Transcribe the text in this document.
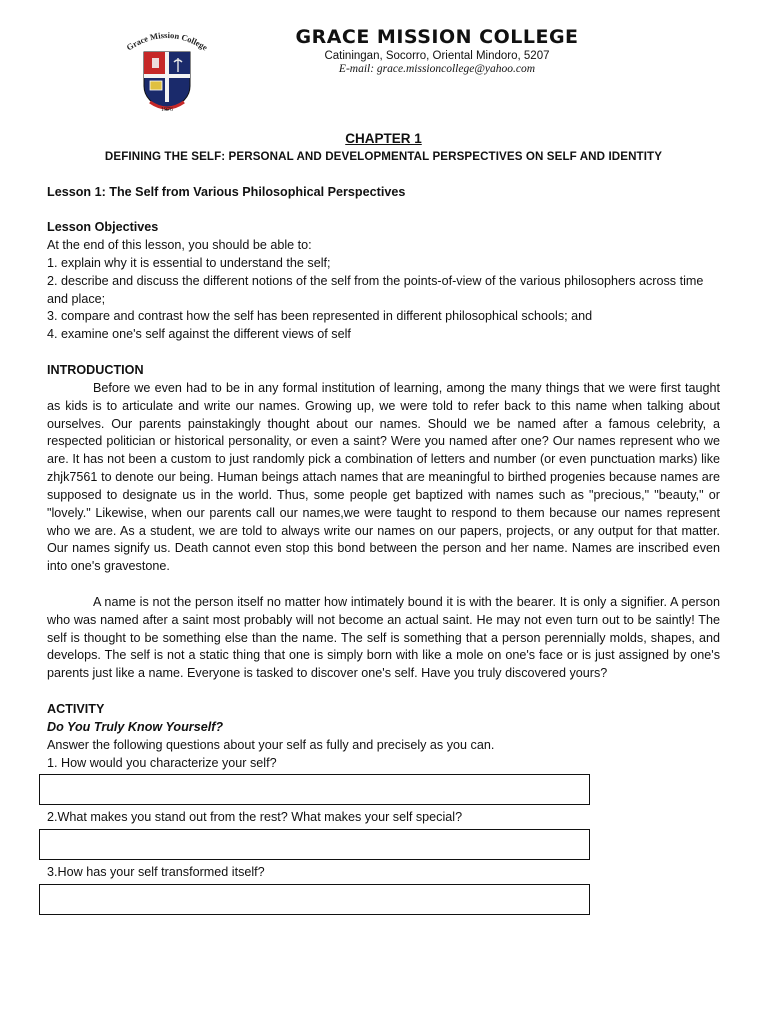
Grace Mission College
1976
GRACE MISSION COLLEGE
Catiningan, Socorro, Oriental Mindoro, 5207
E-mail: grace.missioncollege@yahoo.com
CHAPTER 1
DEFINING THE SELF: PERSONAL AND DEVELOPMENTAL PERSPECTIVES ON SELF AND IDENTITY
Lesson 1: The Self from Various Philosophical Perspectives
Lesson Objectives
At the end of this lesson, you should be able to:
1. explain why it is essential to understand the self;
2. describe and discuss the different notions of the self from the points-of-view of the various philosophers across time and place;
3. compare and contrast how the self has been represented in different philosophical schools; and
4. examine one's self against the different views of self
INTRODUCTION
Before we even had to be in any formal institution of learning, among the many things that we were first taught as kids is to articulate and write our names. Growing up, we were told to refer back to this name when talking about ourselves. Our parents painstakingly thought about our names. Should we be named after a famous celebrity, a respected politician or historical personality, or even a saint? Were you named after one? Our names represent who we are. It has not been a custom to just randomly pick a combination of letters and number (or even punctuation marks) like zhjk7561 to denote our being. Human beings attach names that are meaningful to birthed progenies because names are supposed to designate us in the world. Thus, some people get baptized with names such as "precious," "beauty," or "lovely." Likewise, when our parents call our names,we were taught to respond to them because our names represent who we are. As a student, we are told to always write our names on our papers, projects, or any output for that matter. Our names signify us. Death cannot even stop this bond between the person and her name. Names are inscribed even into one's gravestone.
A name is not the person itself no matter how intimately bound it is with the bearer. It is only a signifier. A person who was named after a saint most probably will not become an actual saint. He may not even turn out to be saintly! The self is thought to be something else than the name. The self is something that a person perennially molds, shapes, and develops. The self is not a static thing that one is simply born with like a mole on one's face or is just assigned by one's parents just like a name. Everyone is tasked to discover one's self. Have you truly discovered yours?
ACTIVITY
Do You Truly Know Yourself?
Answer the following questions about your self as fully and precisely as you can.
1. How would you characterize your self?
2.What makes you stand out from the rest? What makes your self special?
3.How has your self transformed itself?
